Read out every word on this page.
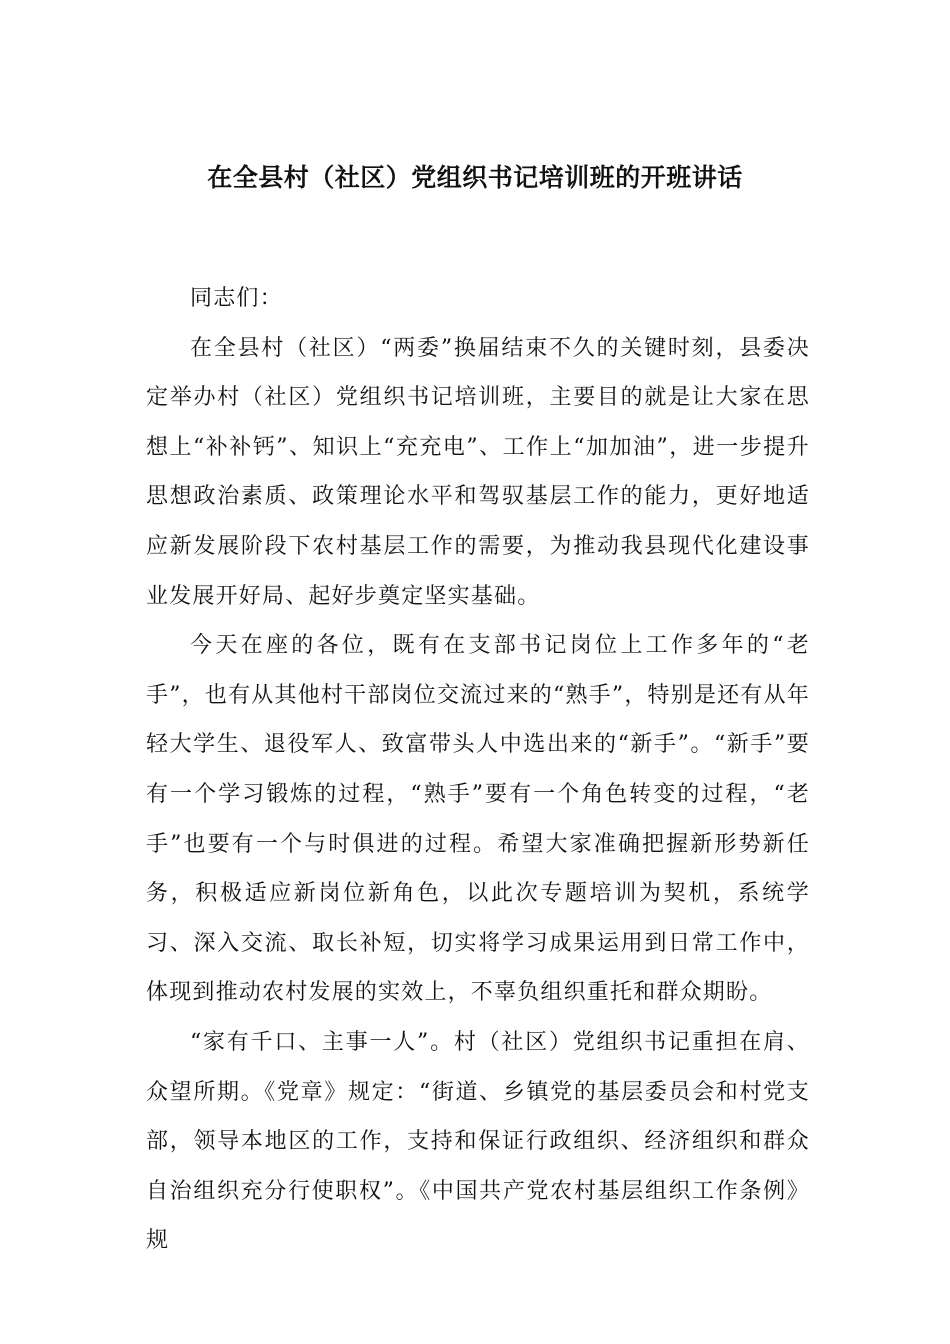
在全县村（社区）党组织书记培训班的开班讲话

同志们：

在全县村（社区）“两委”换届结束不久的关键时刻，县委决定举办村（社区）党组织书记培训班，主要目的就是让大家在思想上“补补钙”、知识上“充充电”、工作上“加加油”，进一步提升思想政治素质、政策理论水平和驾驭基层工作的能力，更好地适应新发展阶段下农村基层工作的需要，为推动我县现代化建设事业发展开好局、起好步奠定坚实基础。

今天在座的各位，既有在支部书记岗位上工作多年的“老手”，也有从其他村干部岗位交流过来的“熟手”，特别是还有从年轻大学生、退役军人、致富带头人中选出来的“新手”。“新手”要有一个学习锻炼的过程，“熟手”要有一个角色转变的过程，“老手”也要有一个与时俱进的过程。希望大家准确把握新形势新任务，积极适应新岗位新角色，以此次专题培训为契机，系统学习、深入交流、取长补短，切实将学习成果运用到日常工作中，体现到推动农村发展的实效上，不辜负组织重托和群众期盼。

“家有千口、主事一人”。村（社区）党组织书记重担在肩、众望所期。《党章》规定：“街道、乡镇党的基层委员会和村党支部，领导本地区的工作，支持和保证行政组织、经济组织和群众自治组织充分行使职权”。《中国共产党农村基层组织工作条例》规
